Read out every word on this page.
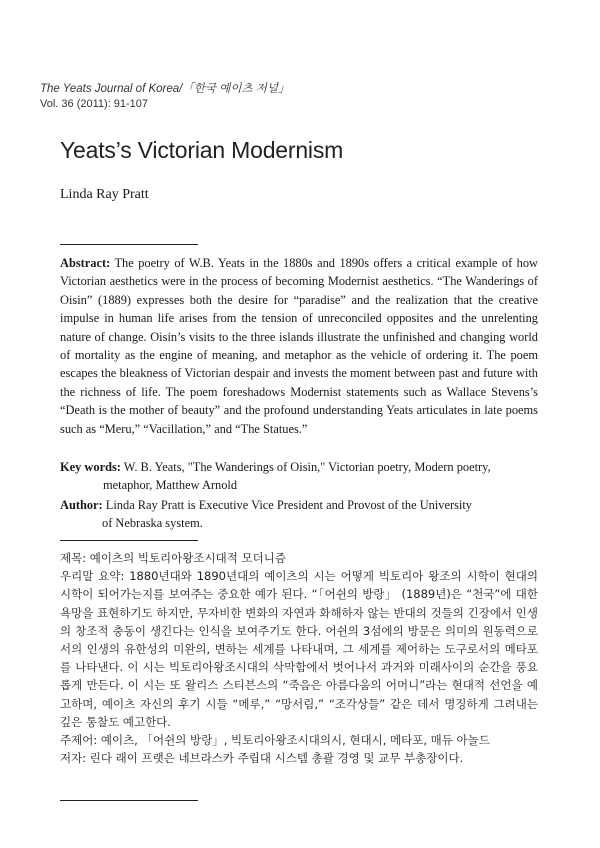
The Yeats Journal of Korea/「한국 예이츠 저널」
Vol. 36 (2011): 91-107
Yeats’s Victorian Modernism
Linda Ray Pratt

Abstract: The poetry of W.B. Yeats in the 1880s and 1890s offers a critical example of how Victorian aesthetics were in the process of becoming Modernist aesthetics. “The Wanderings of Oisin” (1889) expresses both the desire for “paradise” and the realization that the creative impulse in human life arises from the tension of unreconciled opposites and the unrelenting nature of change. Oisin’s visits to the three islands illustrate the unfinished and changing world of mortality as the engine of meaning, and metaphor as the vehicle of ordering it. The poem escapes the bleakness of Victorian despair and invests the moment between past and future with the richness of life. The poem foreshadows Modernist statements such as Wallace Stevens’s “Death is the mother of beauty” and the profound understanding Yeats articulates in late poems such as “Meru,” “Vacillation,” and “The Statues.”

Key words: W. B. Yeats, "The Wanderings of Oisin," Victorian poetry, Modern poetry,
metaphor, Matthew Arnold
Author: Linda Ray Pratt is Executive Vice President and Provost of the University
of Nebraska system.
제목: 예이츠의 빅토리아왕조시대적 모더니즘
우리말 요약: 1880년대와 1890년대의 예이츠의 시는 어떻게 빅토리아 왕조의 시학이 현대의 시학이 되어가는지를 보여주는 중요한 예가 된다. “「어쉰의 방랑」 (1889년)은 “천국”에 대한 욕망을 표현하기도 하지만, 무자비한 변화의 자연과 화해하자 않는 반대의 것들의 긴장에서 인생의 창조적 충동이 생긴다는 인식을 보여주기도 한다. 어쉰의 3섬에의 방문은 의미의 원동력으로서의 인생의 유한성의 미완의, 변하는 세계를 나타내며, 그 세계를 제어하는 도구로서의 메타포를 나타낸다. 이 시는 빅토리아왕조시대의 삭막함에서 벗어나서 과거와 미래사이의 순간을 풍요롭게 만든다. 이 시는 또 왈리스 스티븐스의 “죽음은 아름다움의 어머니”라는 현대적 선언을 예고하며, 예이츠 자신의 후기 시들 “메루,” “망서림,” “조각상들” 같은 데서 명징하게 그려내는 깊은 통찰도 예고한다.
주제어: 예이츠, 「어쉰의 방랑」, 빅토리아왕조시대의시, 현대시, 메타포, 매듀 아놀드
저자: 린다 래이 프랫은 네브라스카 주립대 시스템 총괄 경영 및 교무 부총장이다.
